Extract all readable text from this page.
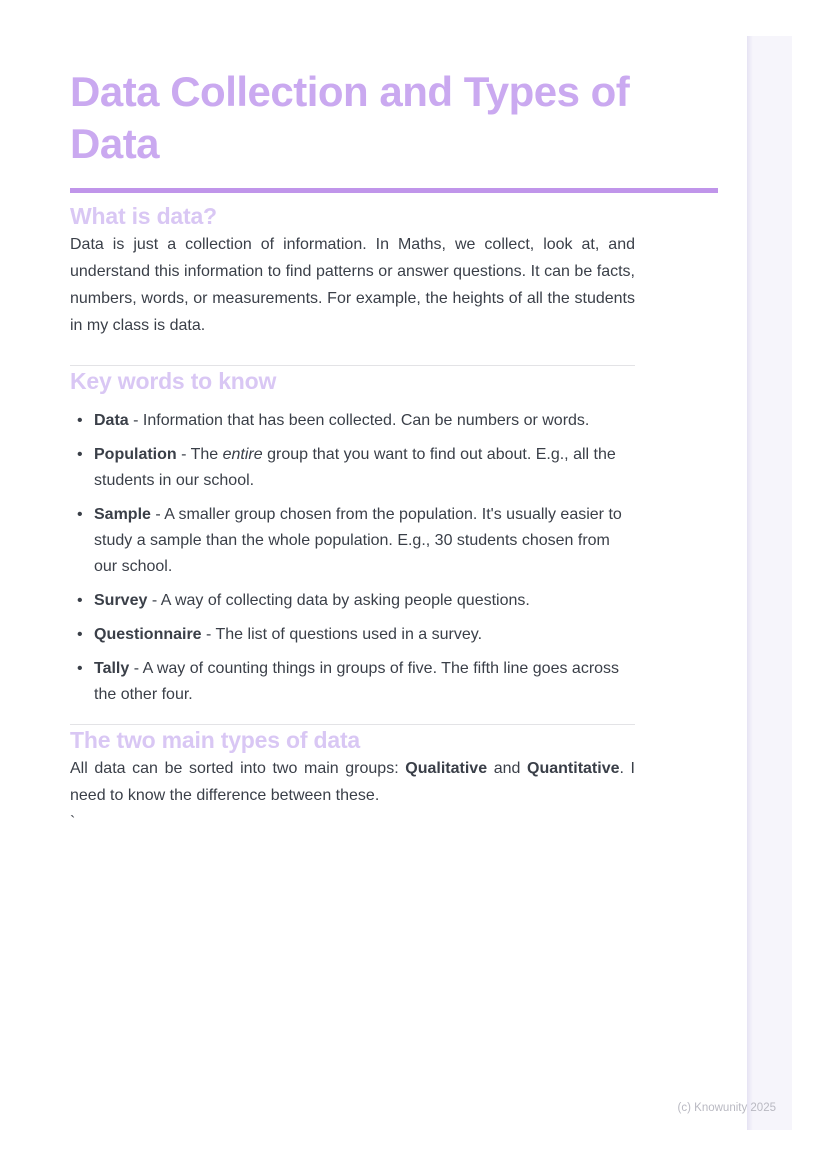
Data Collection and Types of
Data
What is data?

Data is just a collection of information. In Maths, we collect, look at, and understand this information to find patterns or answer questions. It can be facts, numbers, words, or measurements. For example, the heights of all the students in my class is data.

Key words to know
• Data - Information that has been collected. Can be numbers or words.
• Population - The entire group that you want to find out about. E.g., all the students in our school.
• Sample - A smaller group chosen from the population. It's usually easier to study a sample than the whole population. E.g., 30 students chosen from our school.
• Survey - A way of collecting data by asking people questions.
• Questionnaire - The list of questions used in a survey.
• Tally - A way of counting things in groups of five. The fifth line goes across the other four.
The two main types of data

All data can be sorted into two main groups: Qualitative and Quantitative. I need to know the difference between these.

`

(c) Knowunity 2025
